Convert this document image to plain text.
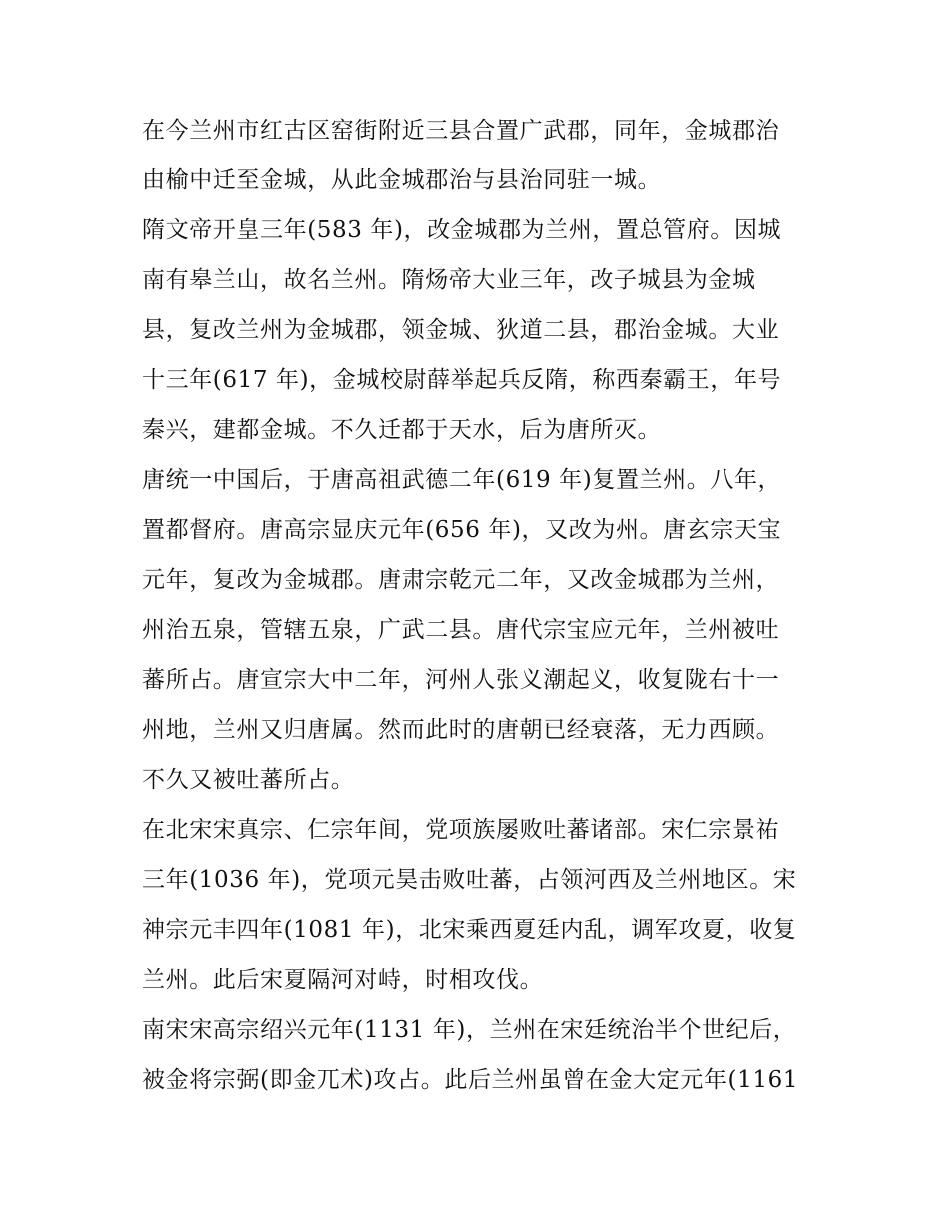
在今兰州市红古区窑街附近三县合置广武郡，同年，金城郡治
由榆中迁至金城，从此金城郡治与县治同驻一城。
隋文帝开皇三年(583 年)，改金城郡为兰州，置总管府。因城
南有皋兰山，故名兰州。隋炀帝大业三年，改子城县为金城
县，复改兰州为金城郡，领金城、狄道二县，郡治金城。大业
十三年(617 年)，金城校尉薛举起兵反隋，称西秦霸王，年号
秦兴，建都金城。不久迁都于天水，后为唐所灭。
唐统一中国后，于唐高祖武德二年(619 年)复置兰州。八年，
置都督府。唐高宗显庆元年(656 年)，又改为州。唐玄宗天宝
元年，复改为金城郡。唐肃宗乾元二年，又改金城郡为兰州，
州治五泉，管辖五泉，广武二县。唐代宗宝应元年，兰州被吐
蕃所占。唐宣宗大中二年，河州人张义潮起义，收复陇右十一
州地，兰州又归唐属。然而此时的唐朝已经衰落，无力西顾。
不久又被吐蕃所占。
在北宋宋真宗、仁宗年间，党项族屡败吐蕃诸部。宋仁宗景祐
三年(1036 年)，党项元昊击败吐蕃，占领河西及兰州地区。宋
神宗元丰四年(1081 年)，北宋乘西夏廷内乱，调军攻夏，收复
兰州。此后宋夏隔河对峙，时相攻伐。
南宋宋高宗绍兴元年(1131 年)，兰州在宋廷统治半个世纪后，
被金将宗弼(即金兀术)攻占。此后兰州虽曾在金大定元年(1161
